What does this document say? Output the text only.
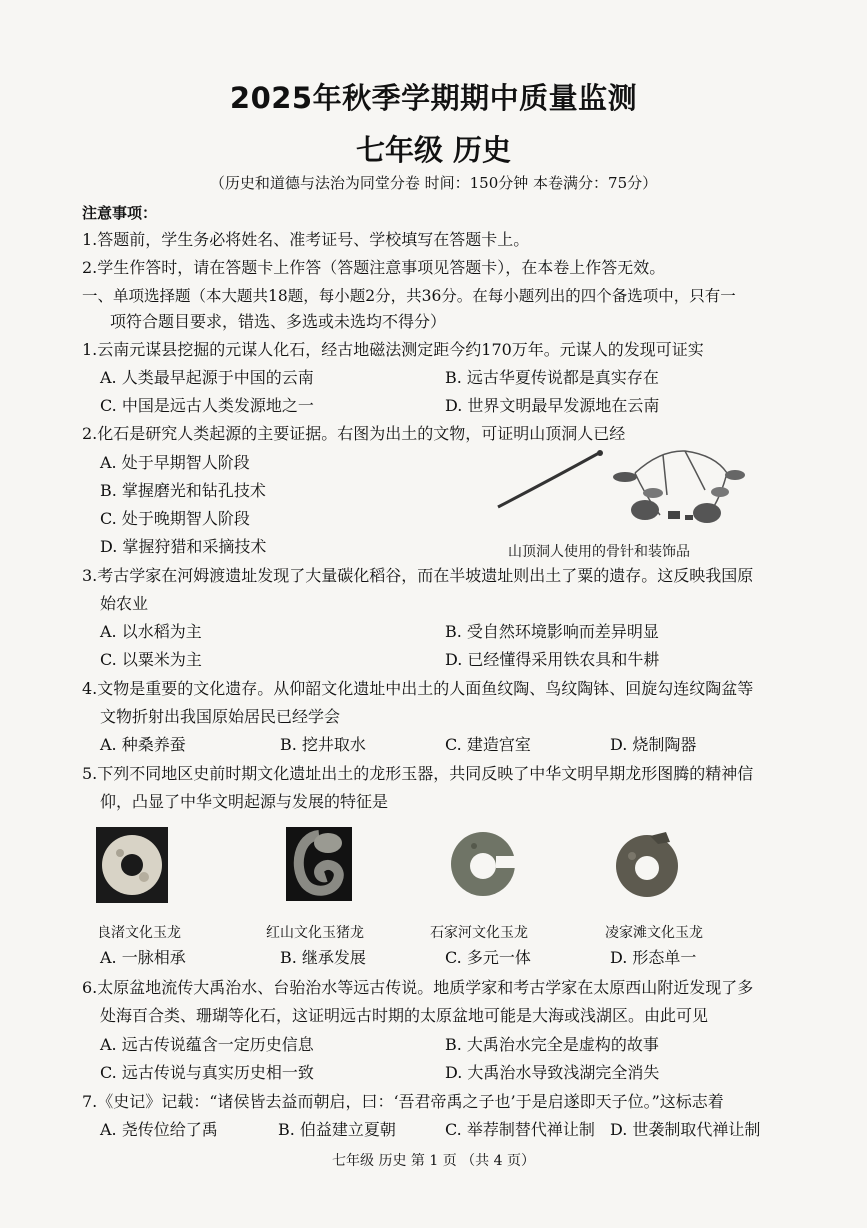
2025年秋季学期期中质量监测
七年级 历史
（历史和道德与法治为同堂分卷 时间：150分钟 本卷满分：75分）
注意事项：
1.答题前，学生务必将姓名、准考证号、学校填写在答题卡上。
2.学生作答时，请在答题卡上作答（答题注意事项见答题卡），在本卷上作答无效。
一、单项选择题（本大题共18题，每小题2分，共36分。在每小题列出的四个备选项中，只有一
项符合题目要求，错选、多选或未选均不得分）
1.云南元谋县挖掘的元谋人化石，经古地磁法测定距今约170万年。元谋人的发现可证实
A. 人类最早起源于中国的云南	B. 远古华夏传说都是真实存在
C. 中国是远古人类发源地之一	D. 世界文明最早发源地在云南
2.化石是研究人类起源的主要证据。右图为出土的文物，可证明山顶洞人已经
A. 处于早期智人阶段
B. 掌握磨光和钻孔技术
C. 处于晚期智人阶段
D. 掌握狩猎和采摘技术	山顶洞人使用的骨针和装饰品
3.考古学家在河姆渡遗址发现了大量碳化稻谷，而在半坡遗址则出土了粟的遗存。这反映我国原
始农业
A. 以水稻为主	B. 受自然环境影响而差异明显
C. 以粟米为主	D. 已经懂得采用铁农具和牛耕
4.文物是重要的文化遗存。从仰韶文化遗址中出土的人面鱼纹陶、鸟纹陶钵、回旋勾连纹陶盆等
文物折射出我国原始居民已经学会
A. 种桑养蚕	B. 挖井取水	C. 建造宫室	D. 烧制陶器
5.下列不同地区史前时期文化遗址出土的龙形玉器，共同反映了中华文明早期龙形图腾的精神信
仰，凸显了中华文明起源与发展的特征是
良渚文化玉龙	红山文化玉猪龙	石家河文化玉龙	凌家滩文化玉龙
A. 一脉相承	B. 继承发展	C. 多元一体	D. 形态单一
6.太原盆地流传大禹治水、台骀治水等远古传说。地质学家和考古学家在太原西山附近发现了多
处海百合类、珊瑚等化石，这证明远古时期的太原盆地可能是大海或浅湖区。由此可见
A. 远古传说蕴含一定历史信息	B. 大禹治水完全是虚构的故事
C. 远古传说与真实历史相一致	D. 大禹治水导致浅湖完全消失
7.《史记》记载：“诸侯皆去益而朝启，曰：‘吾君帝禹之子也’于是启遂即天子位。”这标志着
A. 尧传位给了禹	B. 伯益建立夏朝	C. 举荐制替代禅让制 D. 世袭制取代禅让制
七年级 历史 第 1 页 （共 4 页）
